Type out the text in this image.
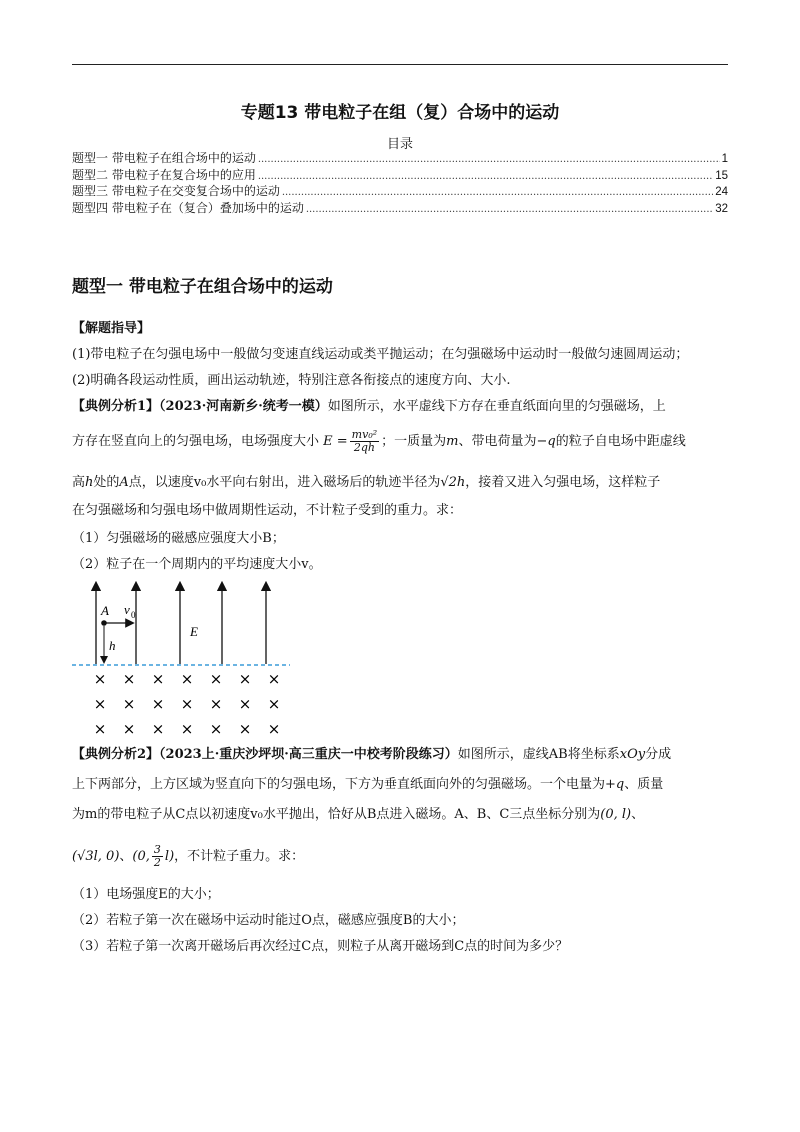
专题13 带电粒子在组（复）合场中的运动
目录
题型一 带电粒子在组合场中的运动 .....	1
题型二 带电粒子在复合场中的应用 .....	15
题型三 带电粒子在交变复合场中的运动 .....	24
题型四 带电粒子在（复合）叠加场中的运动 .....	32
题型一 带电粒子在组合场中的运动
【解题指导】
(1)带电粒子在匀强电场中一般做匀变速直线运动或类平抛运动；在匀强磁场中运动时一般做匀速圆周运动；
(2)明确各段运动性质，画出运动轨迹，特别注意各衔接点的速度方向、大小.
【典例分析1】（2023·河南新乡·统考一模）如图所示，水平虚线下方存在垂直纸面向里的匀强磁场，上
方存在竖直向上的匀强电场，电场强度大小 $E = \frac{\text{mv₀²}}{2qh}$ ；一质量为m、带电荷量为−q的粒子自电场中距虚线
高h处的A点，以速度v₀水平向右射出，进入磁场后的轨迹半径为√2h，接着又进入匀强电场，这样粒子
在匀强磁场和匀强电场中做周期性运动，不计粒子受到的重力。求：
（1）匀强磁场的磁感应强度大小B；
（2）粒子在一个周期内的平均速度大小v。
A v 0
h
E
× × × × × × ×
× × × × × × ×
× × × × × × ×
【典例分析2】（2023上·重庆沙坪坝·高三重庆一中校考阶段练习）如图所示，虚线AB将坐标系xOy分成
上下两部分，上方区域为竖直向下的匀强电场，下方为垂直纸面向外的匀强磁场。一个电量为+q、质量
为m的带电粒子从C点以初速度v₀水平抛出，恰好从B点进入磁场。A、B、C三点坐标分别为(0, l)、
(√3l, 0)、(0, $\frac{3}{2} l$)，不计粒子重力。求：
（1）电场强度E的大小；
（2）若粒子第一次在磁场中运动时能过O点，磁感应强度B的大小；
（3）若粒子第一次离开磁场后再次经过C点，则粒子从离开磁场到C点的时间为多少？
